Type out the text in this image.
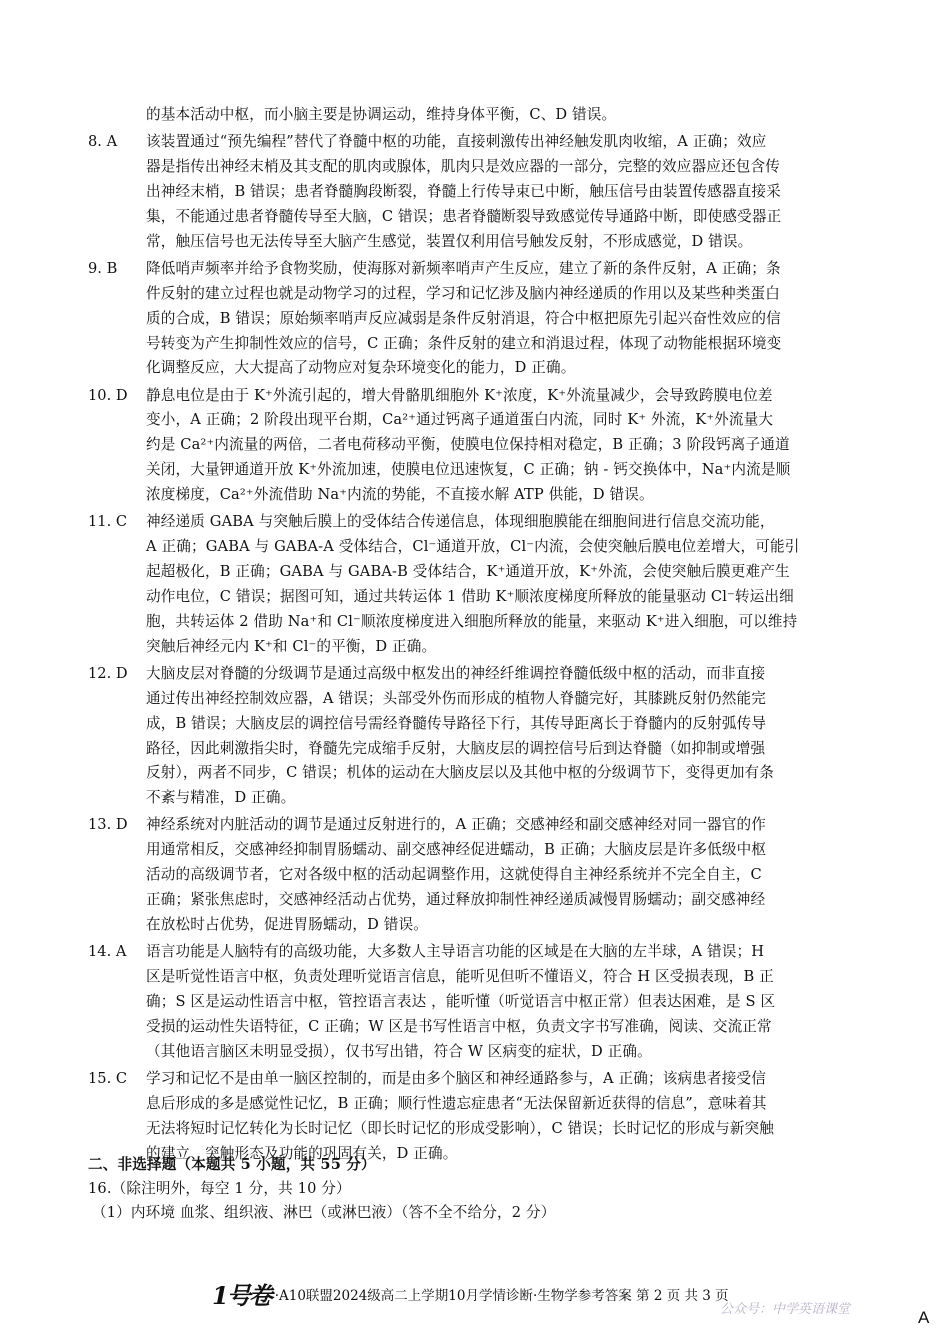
的基本活动中枢，而小脑主要是协调运动，维持身体平衡，C、D 错误。
8. A 该装置通过“预先编程”替代了脊髓中枢的功能，直接刺激传出神经触发肌肉收缩，A 正确；效应
器是指传出神经末梢及其支配的肌肉或腺体，肌肉只是效应器的一部分，完整的效应器应还包含传
出神经末梢，B 错误；患者脊髓胸段断裂，脊髓上行传导束已中断，触压信号由装置传感器直接采
集，不能通过患者脊髓传导至大脑，C 错误；患者脊髓断裂导致感觉传导通路中断，即使感受器正
常，触压信号也无法传导至大脑产生感觉，装置仅利用信号触发反射，不形成感觉，D 错误。
9. B 降低哨声频率并给予食物奖励，使海豚对新频率哨声产生反应，建立了新的条件反射，A 正确；条
件反射的建立过程也就是动物学习的过程，学习和记忆涉及脑内神经递质的作用以及某些种类蛋白
质的合成，B 错误；原始频率哨声反应减弱是条件反射消退，符合中枢把原先引起兴奋性效应的信
号转变为产生抑制性效应的信号，C 正确；条件反射的建立和消退过程，体现了动物能根据环境变
化调整反应，大大提高了动物应对复杂环境变化的能力，D 正确。
10. D 静息电位是由于 K⁺外流引起的，增大骨骼肌细胞外 K⁺浓度，K⁺外流量减少，会导致跨膜电位差
变小，A 正确；2 阶段出现平台期，Ca²⁺通过钙离子通道蛋白内流，同时 K⁺ 外流，K⁺外流量大
约是 Ca²⁺内流量的两倍，二者电荷移动平衡，使膜电位保持相对稳定，B 正确；3 阶段钙离子通道
关闭，大量钾通道开放 K⁺外流加速，使膜电位迅速恢复，C 正确；钠 - 钙交换体中，Na⁺内流是顺
浓度梯度，Ca²⁺外流借助 Na⁺内流的势能，不直接水解 ATP 供能，D 错误。
11. C 神经递质 GABA 与突触后膜上的受体结合传递信息，体现细胞膜能在细胞间进行信息交流功能，
A 正确；GABA 与 GABA-A 受体结合，Cl⁻通道开放，Cl⁻内流，会使突触后膜电位差增大，可能引
起超极化，B 正确；GABA 与 GABA-B 受体结合，K⁺通道开放，K⁺外流，会使突触后膜更难产生
动作电位，C 错误；据图可知，通过共转运体 1 借助 K⁺顺浓度梯度所释放的能量驱动 Cl⁻转运出细
胞，共转运体 2 借助 Na⁺和 Cl⁻顺浓度梯度进入细胞所释放的能量，来驱动 K⁺进入细胞，可以维持
突触后神经元内 K⁺和 Cl⁻的平衡，D 正确。
12. D 大脑皮层对脊髓的分级调节是通过高级中枢发出的神经纤维调控脊髓低级中枢的活动，而非直接
通过传出神经控制效应器，A 错误；头部受外伤而形成的植物人脊髓完好，其膝跳反射仍然能完
成，B 错误；大脑皮层的调控信号需经脊髓传导路径下行，其传导距离长于脊髓内的反射弧传导
路径，因此刺激指尖时，脊髓先完成缩手反射，大脑皮层的调控信号后到达脊髓（如抑制或增强
反射），两者不同步，C 错误；机体的运动在大脑皮层以及其他中枢的分级调节下，变得更加有条
不紊与精准，D 正确。
13. D 神经系统对内脏活动的调节是通过反射进行的，A 正确；交感神经和副交感神经对同一器官的作
用通常相反，交感神经抑制胃肠蠕动、副交感神经促进蠕动，B 正确；大脑皮层是许多低级中枢
活动的高级调节者，它对各级中枢的活动起调整作用，这就使得自主神经系统并不完全自主，C
正确；紧张焦虑时，交感神经活动占优势，通过释放抑制性神经递质减慢胃肠蠕动；副交感神经
在放松时占优势，促进胃肠蠕动，D 错误。
14. A 语言功能是人脑特有的高级功能，大多数人主导语言功能的区域是在大脑的左半球，A 错误；H
区是听觉性语言中枢，负责处理听觉语言信息，能听见但听不懂语义，符合 H 区受损表现，B 正
确；S 区是运动性语言中枢，管控语言表达 ，能听懂（听觉语言中枢正常）但表达困难，是 S 区
受损的运动性失语特征，C 正确；W 区是书写性语言中枢，负责文字书写准确，阅读、交流正常
（其他语言脑区未明显受损），仅书写出错，符合 W 区病变的症状，D 正确。
15. C 学习和记忆不是由单一脑区控制的，而是由多个脑区和神经通路参与，A 正确；该病患者接受信
息后形成的多是感觉性记忆，B 正确；顺行性遗忘症患者“无法保留新近获得的信息”，意味着其
无法将短时记忆转化为长时记忆（即长时记忆的形成受影响），C 错误；长时记忆的形成与新突触
的建立、突触形态及功能的巩固有关，D 正确。
二、非选择题（本题共 5 小题，共 55 分）
16.（除注明外，每空 1 分，共 10 分）
（1）内环境 血浆、组织液、淋巴（或淋巴液）（答不全不给分，2 分）
1号卷 ·A10联盟2024级高二上学期10月学情诊断·生物学参考答案 第 2 页 共 3 页
公众号：中学英语课堂	A
